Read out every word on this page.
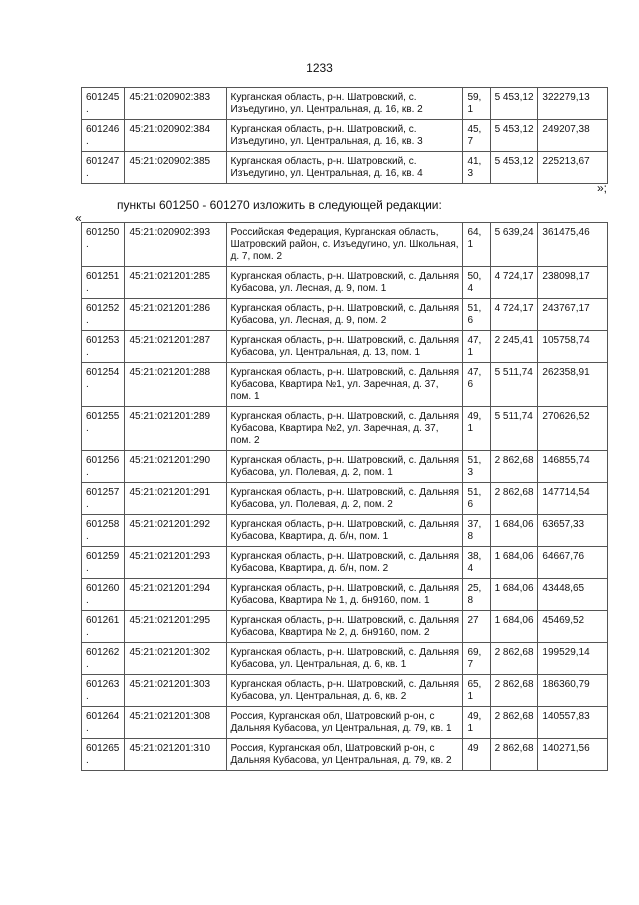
1233
601245.	45:21:020902:383	Курганская область, р-н. Шатровский, с. Изъедугино, ул. Центральная, д. 16, кв. 2	59,1	5 453,12	322279,13
601246.	45:21:020902:384	Курганская область, р-н. Шатровский, с. Изъедугино, ул. Центральная, д. 16, кв. 3	45,7	5 453,12	249207,38
601247.	45:21:020902:385	Курганская область, р-н. Шатровский, с. Изъедугино, ул. Центральная, д. 16, кв. 4	41,3	5 453,12	225213,67
»;
пункты 601250 - 601270 изложить в следующей редакции:
«
601250.	45:21:020902:393	Российская Федерация, Курганская область, Шатровский район, с. Изъедугино, ул. Школьная, д. 7, пом. 2	64,1	5 639,24	361475,46
601251.	45:21:021201:285	Курганская область, р-н. Шатровский, с. Дальняя Кубасова, ул. Лесная, д. 9, пом. 1	50,4	4 724,17	238098,17
601252.	45:21:021201:286	Курганская область, р-н. Шатровский, с. Дальняя Кубасова, ул. Лесная, д. 9, пом. 2	51,6	4 724,17	243767,17
601253.	45:21:021201:287	Курганская область, р-н. Шатровский, с. Дальняя Кубасова, ул. Центральная, д. 13, пом. 1	47,1	2 245,41	105758,74
601254.	45:21:021201:288	Курганская область, р-н. Шатровский, с. Дальняя Кубасова, Квартира №1, ул. Заречная, д. 37, пом. 1	47,6	5 511,74	262358,91
601255.	45:21:021201:289	Курганская область, р-н. Шатровский, с. Дальняя Кубасова, Квартира №2, ул. Заречная, д. 37, пом. 2	49,1	5 511,74	270626,52
601256.	45:21:021201:290	Курганская область, р-н. Шатровский, с. Дальняя Кубасова, ул. Полевая, д. 2, пом. 1	51,3	2 862,68	146855,74
601257.	45:21:021201:291	Курганская область, р-н. Шатровский, с. Дальняя Кубасова, ул. Полевая, д. 2, пом. 2	51,6	2 862,68	147714,54
601258.	45:21:021201:292	Курганская область, р-н. Шатровский, с. Дальняя Кубасова, Квартира, д. б/н, пом. 1	37,8	1 684,06	63657,33
601259.	45:21:021201:293	Курганская область, р-н. Шатровский, с. Дальняя Кубасова, Квартира, д. б/н, пом. 2	38,4	1 684,06	64667,76
601260.	45:21:021201:294	Курганская область, р-н. Шатровский, с. Дальняя Кубасова, Квартира № 1, д. бн9160, пом. 1	25,8	1 684,06	43448,65
601261.	45:21:021201:295	Курганская область, р-н. Шатровский, с. Дальняя Кубасова, Квартира № 2, д. бн9160, пом. 2	27	1 684,06	45469,52
601262.	45:21:021201:302	Курганская область, р-н. Шатровский, с. Дальняя Кубасова, ул. Центральная, д. 6, кв. 1	69,7	2 862,68	199529,14
601263.	45:21:021201:303	Курганская область, р-н. Шатровский, с. Дальняя Кубасова, ул. Центральная, д. 6, кв. 2	65,1	2 862,68	186360,79
601264.	45:21:021201:308	Россия, Курганская обл, Шатровский р-он, с Дальняя Кубасова, ул Центральная, д. 79, кв. 1	49,1	2 862,68	140557,83
601265.	45:21:021201:310	Россия, Курганская обл, Шатровский р-он, с Дальняя Кубасова, ул Центральная, д. 79, кв. 2	49	2 862,68	140271,56
